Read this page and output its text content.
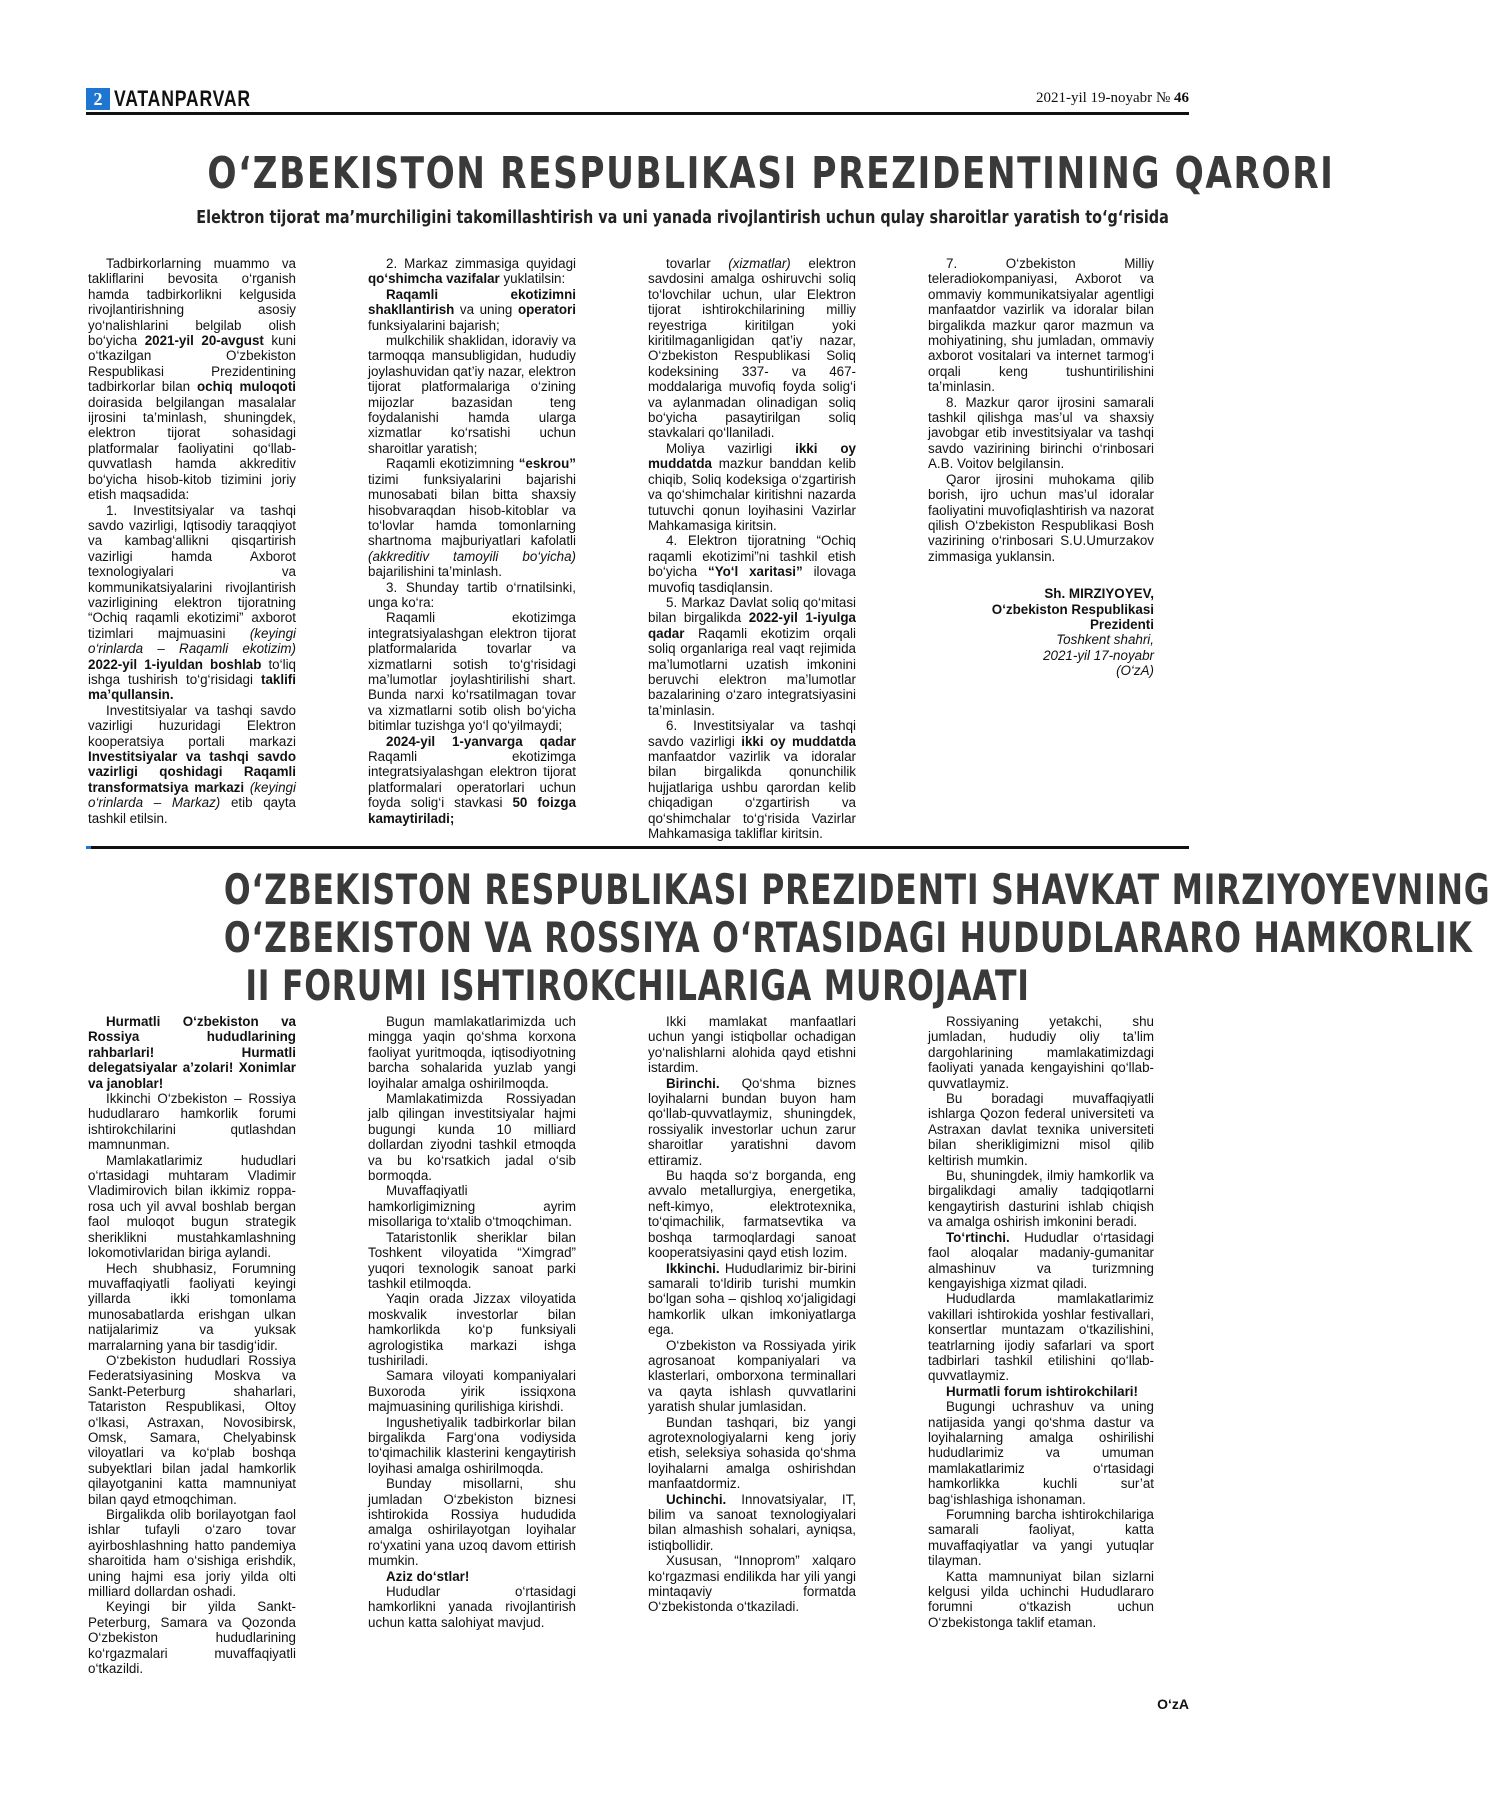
2 VATANPARVAR	2021-yil 19-noyabr № 46
O‘ZBEKISTON RESPUBLIKASI PREZIDENTINING QARORI
Elektron tijorat ma’murchiligini takomillashtirish va uni yanada rivojlantirish uchun qulay sharoitlar yaratish to‘g‘risida

Tadbirkorlarning muammo va takliflarini bevosita o‘rganish hamda tadbirkorlikni kelgusida rivojlantirishning asosiy yo‘nalishlarini belgilab olish bo‘yicha 2021-yil 20-avgust kuni o‘tkazilgan O‘zbekiston Respublikasi Prezidentining tadbirkorlar bilan ochiq muloqoti doirasida belgilangan masalalar ijrosini ta’minlash, shuningdek, elektron tijorat sohasidagi platformalar faoliyatini qo‘llab-quvvatlash hamda akkreditiv bo‘yicha hisob-kitob tizimini joriy etish maqsadida:

1. Investitsiyalar va tashqi savdo vazirligi, Iqtisodiy taraqqiyot va kambag‘allikni qisqartirish vazirligi hamda Axborot texnologiyalari va kommunikatsiyalarini rivojlantirish vazirligining elektron tijoratning “Ochiq raqamli ekotizimi” axborot tizimlari majmuasini (keyingi o‘rinlarda – Raqamli ekotizim) 2022-yil 1-iyuldan boshlab to‘liq ishga tushirish to‘g‘risidagi taklifi ma’qullansin.

Investitsiyalar va tashqi savdo vazirligi huzuridagi Elektron kooperatsiya portali markazi Investitsiyalar va tashqi savdo vazirligi qoshidagi Raqamli transformatsiya markazi (keyingi o‘rinlarda – Markaz) etib qayta tashkil etilsin.

2. Markaz zimmasiga quyidagi qo‘shimcha vazifalar yuklatilsin:

Raqamli ekotizimni shakllantirish va uning operatori funksiyalarini bajarish;

mulkchilik shaklidan, idoraviy va tarmoqqa mansubligidan, hududiy joylashuvidan qat’iy nazar, elektron tijorat platformalariga o‘zining mijozlar bazasidan teng foydalanishi hamda ularga xizmatlar ko‘rsatishi uchun sharoitlar yaratish;

Raqamli ekotizimning “eskrou” tizimi funksiyalarini bajarishi munosabati bilan bitta shaxsiy hisobvaraqdan hisob-kitoblar va to‘lovlar hamda tomonlarning shartnoma majburiyatlari kafolatli (akkreditiv tamoyili bo‘yicha) bajarilishini ta’minlash.

3. Shunday tartib o‘rnatilsinki, unga ko‘ra:

Raqamli ekotizimga integratsiyalashgan elektron tijorat platformalarida tovarlar va xizmatlarni sotish to‘g‘risidagi ma’lumotlar joylashtirilishi shart. Bunda narxi ko‘rsatilmagan tovar va xizmatlarni sotib olish bo‘yicha bitimlar tuzishga yo‘l qo‘yilmaydi;

2024-yil 1-yanvarga qadar Raqamli ekotizimga integratsiyalashgan elektron tijorat platformalari operatorlari uchun foyda solig‘i stavkasi 50 foizga kamaytiriladi;

tovarlar (xizmatlar) elektron savdosini amalga oshiruvchi soliq to‘lovchilar uchun, ular Elektron tijorat ishtirokchilarining milliy reyestriga kiritilgan yoki kiritilmaganligidan qat’iy nazar, O‘zbekiston Respublikasi Soliq kodeksining 337- va 467-moddalariga muvofiq foyda solig‘i va aylanmadan olinadigan soliq bo‘yicha pasaytirilgan soliq stavkalari qo‘llaniladi.

Moliya vazirligi ikki oy muddatda mazkur banddan kelib chiqib, Soliq kodeksiga o‘zgartirish va qo‘shimchalar kiritishni nazarda tutuvchi qonun loyihasini Vazirlar Mahkamasiga kiritsin.

4. Elektron tijoratning “Ochiq raqamli ekotizimi”ni tashkil etish bo‘yicha “Yo‘l xaritasi” ilovaga muvofiq tasdiqlansin.

5. Markaz Davlat soliq qo‘mitasi bilan birgalikda 2022-yil 1-iyulga qadar Raqamli ekotizim orqali soliq organlariga real vaqt rejimida ma’lumotlarni uzatish imkonini beruvchi elektron ma’lumotlar bazalarining o‘zaro integratsiyasini ta’minlasin.

6. Investitsiyalar va tashqi savdo vazirligi ikki oy muddatda manfaatdor vazirlik va idoralar bilan birgalikda qonunchilik hujjatlariga ushbu qarordan kelib chiqadigan o‘zgartirish va qo‘shimchalar to‘g‘risida Vazirlar Mahkamasiga takliflar kiritsin.

7. O‘zbekiston Milliy teleradiokompaniyasi, Axborot va ommaviy kommunikatsiyalar agentligi manfaatdor vazirlik va idoralar bilan birgalikda mazkur qaror mazmun va mohiyatining, shu jumladan, ommaviy axborot vositalari va internet tarmog‘i orqali keng tushuntirilishini ta’minlasin.

8. Mazkur qaror ijrosini samarali tashkil qilishga mas’ul va shaxsiy javobgar etib investitsiyalar va tashqi savdo vazirining birinchi o‘rinbosari A.B. Voitov belgilansin.

Qaror ijrosini muhokama qilib borish, ijro uchun mas’ul idoralar faoliyatini muvofiqlashtirish va nazorat qilish O‘zbekiston Respublikasi Bosh vazirining o‘rinbosari S.U.Umurzakov zimmasiga yuklansin.

Sh. MIRZIYOYEV,

O‘zbekiston Respublikasi

Prezidenti

Toshkent shahri,

2021-yil 17-noyabr

(O‘zA)

O‘ZBEKISTON RESPUBLIKASI PREZIDENTI SHAVKAT MIRZIYOYEVNING
O‘ZBEKISTON VA ROSSIYA O‘RTASIDAGI HUDUDLARARO HAMKORLIK
II FORUMI ISHTIROKCHILARIGA MUROJAATI

Hurmatli O‘zbekiston va Rossiya hududlarining rahbarlari! Hurmatli delegatsiyalar a’zolari! Xonimlar va janoblar!

Ikkinchi O‘zbekiston – Rossiya hududlararo hamkorlik forumi ishtirokchilarini qutlashdan mamnunman.

Mamlakatlarimiz hududlari o‘rtasidagi muhtaram Vladimir Vladimirovich bilan ikkimiz roppa-rosa uch yil avval boshlab bergan faol muloqot bugun strategik sheriklikni mustahkamlashning lokomotivlaridan biriga aylandi.

Hech shubhasiz, Forumning muvaffaqiyatli faoliyati keyingi yillarda ikki tomonlama munosabatlarda erishgan ulkan natijalarimiz va yuksak marralarning yana bir tasdig‘idir.

O‘zbekiston hududlari Rossiya Federatsiyasining Moskva va Sankt-Peterburg shaharlari, Tatariston Respublikasi, Oltoy o‘lkasi, Astraxan, Novosibirsk, Omsk, Samara, Chelyabinsk viloyatlari va ko‘plab boshqa subyektlari bilan jadal hamkorlik qilayotganini katta mamnuniyat bilan qayd etmoqchiman.

Birgalikda olib borilayotgan faol ishlar tufayli o‘zaro tovar ayirboshlashning hatto pandemiya sharoitida ham o‘sishiga erishdik, uning hajmi esa joriy yilda olti milliard dollardan oshadi.

Keyingi bir yilda Sankt-Peterburg, Samara va Qozonda O‘zbekiston hududlarining ko‘rgazmalari muvaffaqiyatli o‘tkazildi.

Bugun mamlakatlarimizda uch mingga yaqin qo‘shma korxona faoliyat yuritmoqda, iqtisodiyotning barcha sohalarida yuzlab yangi loyihalar amalga oshirilmoqda.

Mamlakatimizda Rossiyadan jalb qilingan investitsiyalar hajmi bugungi kunda 10 milliard dollardan ziyodni tashkil etmoqda va bu ko‘rsatkich jadal o‘sib bormoqda.

Muvaffaqiyatli hamkorligimizning ayrim misollariga to‘xtalib o‘tmoqchiman.

Tataristonlik sheriklar bilan Toshkent viloyatida “Ximgrad” yuqori texnologik sanoat parki tashkil etilmoqda.

Yaqin orada Jizzax viloyatida moskvalik investorlar bilan hamkorlikda ko‘p funksiyali agrologistika markazi ishga tushiriladi.

Samara viloyati kompaniyalari Buxoroda yirik issiqxona majmuasining qurilishiga kirishdi.

Ingushetiyalik tadbirkorlar bilan birgalikda Farg‘ona vodiysida to‘qimachilik klasterini kengaytirish loyihasi amalga oshirilmoqda.

Bunday misollarni, shu jumladan O‘zbekiston biznesi ishtirokida Rossiya hududida amalga oshirilayotgan loyihalar ro‘yxatini yana uzoq davom ettirish mumkin.

Aziz do‘stlar!

Hududlar o‘rtasidagi hamkorlikni yanada rivojlantirish uchun katta salohiyat mavjud.

Ikki mamlakat manfaatlari uchun yangi istiqbollar ochadigan yo‘nalishlarni alohida qayd etishni istardim.

Birinchi. Qo‘shma biznes loyihalarni bundan buyon ham qo‘llab-quvvatlaymiz, shuningdek, rossiyalik investorlar uchun zarur sharoitlar yaratishni davom ettiramiz.

Bu haqda so‘z borganda, eng avvalo metallurgiya, energetika, neft-kimyo, elektrotexnika, to‘qimachilik, farmatsevtika va boshqa tarmoqlardagi sanoat kooperatsiyasini qayd etish lozim.

Ikkinchi. Hududlarimiz bir-birini samarali to‘ldirib turishi mumkin bo‘lgan soha – qishloq xo‘jaligidagi hamkorlik ulkan imkoniyatlarga ega.

O‘zbekiston va Rossiyada yirik agrosanoat kompaniyalari va klasterlari, omborxona terminallari va qayta ishlash quvvatlarini yaratish shular jumlasidan.

Bundan tashqari, biz yangi agrotexnologiyalarni keng joriy etish, seleksiya sohasida qo‘shma loyihalarni amalga oshirishdan manfaatdormiz.

Uchinchi. Innovatsiyalar, IT, bilim va sanoat texnologiyalari bilan almashish sohalari, ayniqsa, istiqbollidir.

Xususan, “Innoprom” xalqaro ko‘rgazmasi endilikda har yili yangi mintaqaviy formatda O‘zbekistonda o‘tkaziladi.

Rossiyaning yetakchi, shu jumladan, hududiy oliy ta’lim dargohlarining mamlakatimizdagi faoliyati yanada kengayishini qo‘llab-quvvatlaymiz.

Bu boradagi muvaffaqiyatli ishlarga Qozon federal universiteti va Astraxan davlat texnika universiteti bilan sherikligimizni misol qilib keltirish mumkin.

Bu, shuningdek, ilmiy hamkorlik va birgalikdagi amaliy tadqiqotlarni kengaytirish dasturini ishlab chiqish va amalga oshirish imkonini beradi.

To‘rtinchi. Hududlar o‘rtasidagi faol aloqalar madaniy-gumanitar almashinuv va turizmning kengayishiga xizmat qiladi.

Hududlarda mamlakatlarimiz vakillari ishtirokida yoshlar festivallari, konsertlar muntazam o‘tkazilishini, teatrlarning ijodiy safarlari va sport tadbirlari tashkil etilishini qo‘llab-quvvatlaymiz.

Hurmatli forum ishtirokchilari!

Bugungi uchrashuv va uning natijasida yangi qo‘shma dastur va loyihalarning amalga oshirilishi hududlarimiz va umuman mamlakatlarimiz o‘rtasidagi hamkorlikka kuchli sur’at bag‘ishlashiga ishonaman.

Forumning barcha ishtirokchilariga samarali faoliyat, katta muvaffaqiyatlar va yangi yutuqlar tilayman.

Katta mamnuniyat bilan sizlarni kelgusi yilda uchinchi Hududlararo forumni o‘tkazish uchun O‘zbekistonga taklif etaman.

O‘zA
